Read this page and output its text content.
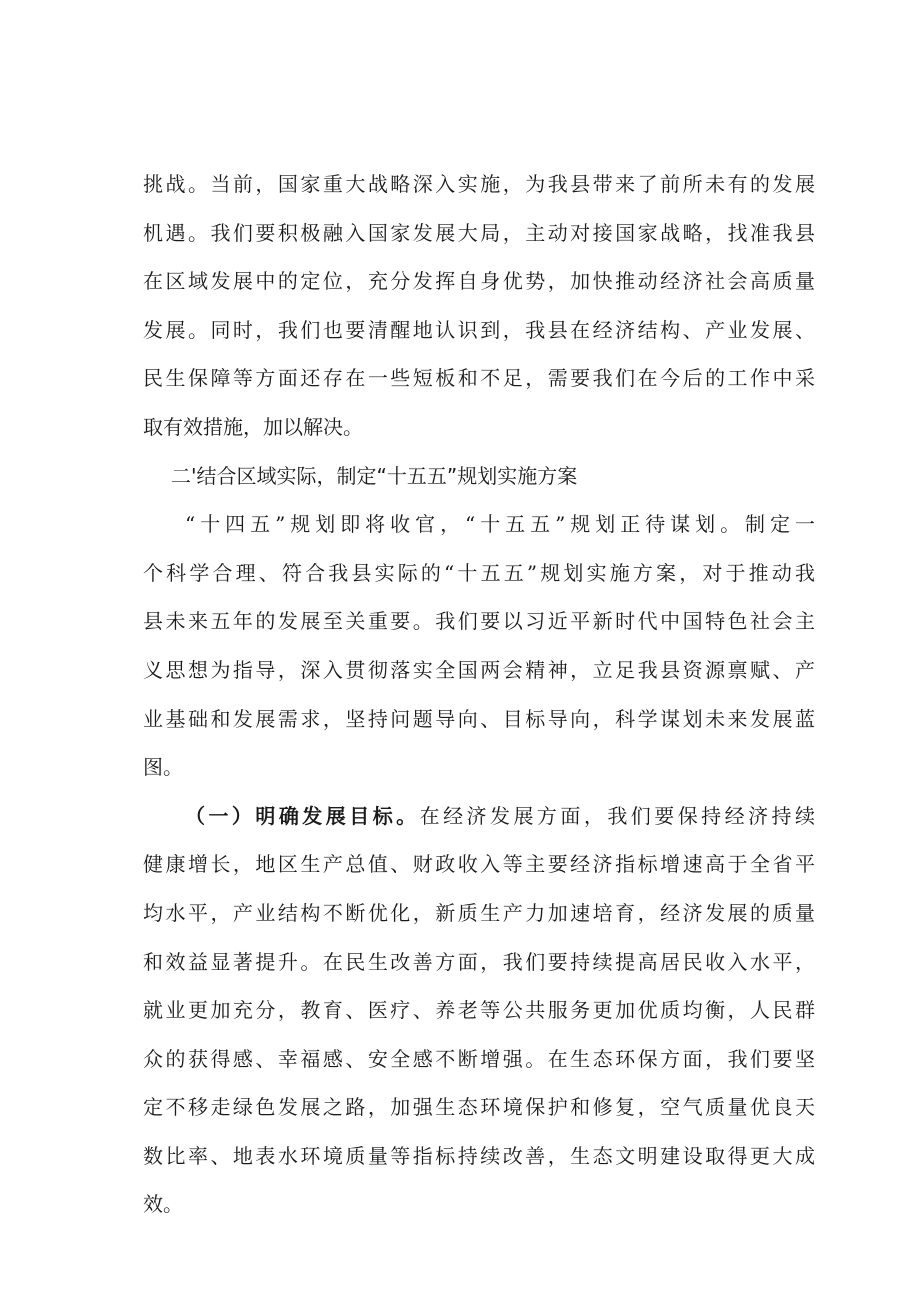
挑战。当前，国家重大战略深入实施，为我县带来了前所未有的发展
机遇。我们要积极融入国家发展大局，主动对接国家战略，找准我县
在区域发展中的定位，充分发挥自身优势，加快推动经济社会高质量
发展。同时，我们也要清醒地认识到，我县在经济结构、产业发展、
民生保障等方面还存在一些短板和不足，需要我们在今后的工作中采
取有效措施，加以解决。
二'结合区域实际，制定“十五五”规划实施方案
“十四五”规划即将收官，“十五五”规划正待谋划。制定一
个科学合理、符合我县实际的“十五五”规划实施方案，对于推动我
县未来五年的发展至关重要。我们要以习近平新时代中国特色社会主
义思想为指导，深入贯彻落实全国两会精神，立足我县资源禀赋、产
业基础和发展需求，坚持问题导向、目标导向，科学谋划未来发展蓝
图。
（一）明确发展目标。在经济发展方面，我们要保持经济持续
健康增长，地区生产总值、财政收入等主要经济指标增速高于全省平
均水平，产业结构不断优化，新质生产力加速培育，经济发展的质量
和效益显著提升。在民生改善方面，我们要持续提高居民收入水平，
就业更加充分，教育、医疗、养老等公共服务更加优质均衡，人民群
众的获得感、幸福感、安全感不断增强。在生态环保方面，我们要坚
定不移走绿色发展之路，加强生态环境保护和修复，空气质量优良天
数比率、地表水环境质量等指标持续改善，生态文明建设取得更大成
效。
